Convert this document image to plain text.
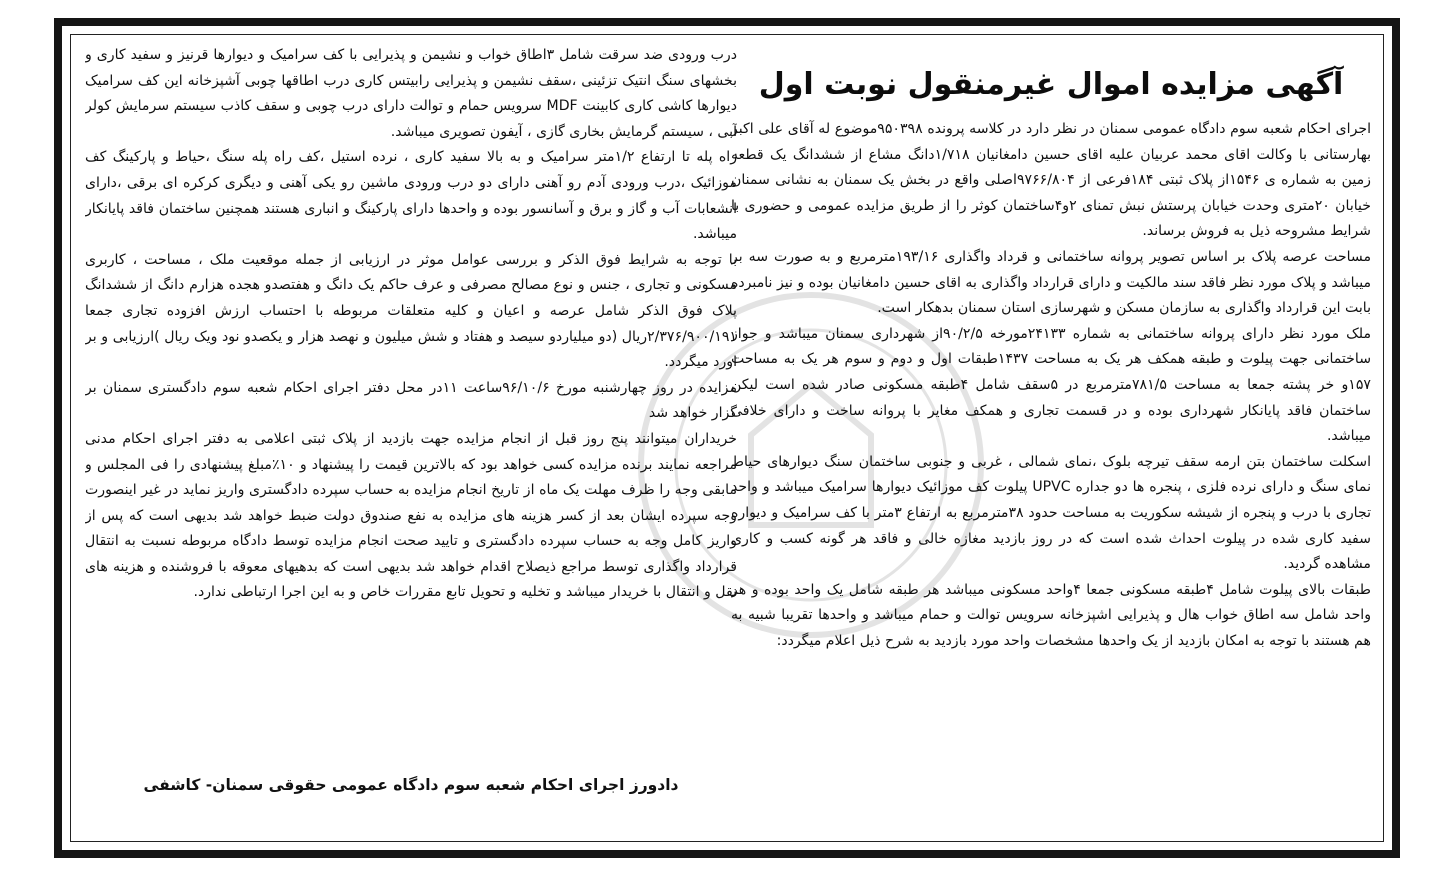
آگهی مزایده اموال غیرمنقول نوبت اول

اجرای احکام شعبه سوم دادگاه عمومی سمنان در نظر دارد در کلاسه پرونده ۹۵۰۳۹۸موضوع له آقای علی اکبر بهارستانی با وکالت اقای محمد عربیان علیه اقای حسین دامغانیان ۱/۷۱۸دانگ مشاع از ششدانگ یک قطعه زمین به شماره ی ۱۵۴۶از پلاک ثبتی ۱۸۴فرعی از ۹۷۶۶/۸۰۴اصلی واقع در بخش یک سمنان به نشانی سمنان خیابان ۲۰متری وحدت خیابان پرستش نبش تمنای ۲و۴ساختمان کوثر را از طریق مزایده عمومی و حضوری با شرایط مشروحه ذیل به فروش برساند.

مساحت عرصه پلاک بر اساس تصویر پروانه ساختمانی و قرداد واگذاری ۱۹۳/۱۶مترمربع و به صورت سه بر میباشد و پلاک مورد نظر فاقد سند مالکیت و دارای قرارداد واگذاری به اقای حسین دامغانیان بوده و نیز نامبرده بابت این قرارداد واگذاری به سازمان مسکن و شهرسازی استان سمنان بدهکار است.

ملک مورد نظر دارای پروانه ساختمانی به شماره ۲۴۱۳۳مورخه ۹۰/۲/۵از شهرداری سمنان میباشد و جواز ساختمانی جهت پیلوت و طبقه همکف هر یک به مساحت ۱۴۳۷طبقات اول و دوم و سوم هر یک به مساحت ۱۵۷و خر پشته جمعا به مساحت ۷۸۱/۵مترمربع در ۵سقف شامل ۴طبقه مسکونی صادر شده است لیکن ساختمان فاقد پایانکار شهرداری بوده و در قسمت تجاری و همکف مغایر با پروانه ساخت و دارای خلافی میباشد.

اسکلت ساختمان بتن ارمه سقف تیرچه بلوک ،نمای شمالی ، غربی و جنوبی ساختمان سنگ دیوارهای حیاط نمای سنگ و دارای نرده فلزی ، پنجره ها دو جداره UPVC پیلوت کف موزائیک دیوارها سرامیک میباشد و واحد تجاری با درب و پنجره از شیشه سکوریت به مساحت حدود ۳۸مترمربع به ارتفاع ۳متر با کف سرامیک و دیواره سفید کاری شده در پیلوت احداث شده است که در روز بازدید مغازه خالی و فاقد هر گونه کسب و کاری مشاهده گردید.

طبقات بالای پیلوت شامل ۴طبقه مسکونی جمعا ۴واحد مسکونی میباشد هر طبقه شامل یک واحد بوده و هر واحد شامل سه اطاق خواب هال و پذیرایی اشپزخانه سرویس توالت و حمام میباشد و واحدها تقریبا شبیه به هم هستند با توجه به امکان بازدید از یک واحدها مشخصات واحد مورد بازدید به شرح ذیل اعلام میگردد:

درب ورودی ضد سرقت شامل ۳اطاق خواب و نشیمن و پذیرایی با کف سرامیک و دیوارها قرنیز و سفید کاری و بخشهای سنگ انتیک تزئینی ،سقف نشیمن و پذیرایی رابیتس کاری درب اطاقها چوبی آشپزخانه این کف سرامیک دیوارها کاشی کاری کابینت MDF سرویس حمام و توالت دارای درب چوبی و سقف کاذب سیستم سرمایش کولر آبی ، سیستم گرمایش بخاری گازی ، آیفون تصویری میباشد.

راه پله تا ارتفاع ۱/۲متر سرامیک و به بالا سفید کاری ، نرده استیل ،کف راه پله سنگ ،حیاط و پارکینگ کف موزائیک ،درب ورودی آدم رو آهنی دارای دو درب ورودی ماشین رو یکی آهنی و دیگری کرکره ای برقی ،دارای انشعابات آب و گاز و برق و آسانسور بوده و واحدها دارای پارکینگ و انباری هستند همچنین ساختمان فاقد پایانکار میباشد.

با توجه به شرایط فوق الذکر و بررسی عوامل موثر در ارزیابی از جمله موقعیت ملک ، مساحت ، کاربری مسکونی و تجاری ، جنس و نوع مصالح مصرفی و عرف حاکم یک دانگ و هفتصدو هجده هزارم دانگ از ششدانگ پلاک فوق الذکر شامل عرصه و اعیان و کلیه متعلقات مربوطه با احتساب ارزش افزوده تجاری جمعا ۲/۳۷۶/۹۰۰/۱۹۱ریال (دو میلیاردو سیصد و هفتاد و شش میلیون و نهصد هزار و یکصدو نود ویک ریال )ارزیابی و بر اورد میگردد.

مزایده در روز چهارشنبه مورخ ۹۶/۱۰/۶ساعت ۱۱در محل دفتر اجرای احکام شعبه سوم دادگستری سمنان بر گزار خواهد شد

خریداران میتوانند پنج روز قبل از انجام مزایده جهت بازدید از پلاک ثبتی اعلامی به دفتر اجرای احکام مدنی مراجعه نمایند برنده مزایده کسی خواهد بود که بالاترین قیمت را پیشنهاد و ۱۰٪مبلغ پیشنهادی را فی المجلس و مابقی وجه را ظرف مهلت یک ماه از تاریخ انجام مزایده به حساب سپرده دادگستری واریز نماید در غیر اینصورت وجه سپرده ایشان بعد از کسر هزینه های مزایده به نفع صندوق دولت ضبط خواهد شد بدیهی است که پس از واریز کامل وجه به حساب سپرده دادگستری و تایید صحت انجام مزایده توسط دادگاه مربوطه نسبت به انتقال قرارداد واگذاری توسط مراجع ذیصلاح اقدام خواهد شد بدیهی است که بدهیهای معوقه با فروشنده و هزینه های نقل و انتقال با خریدار میباشد و تخلیه و تحویل تابع مقررات خاص و به این اجرا ارتباطی ندارد.

دادورز اجرای احکام شعبه سوم دادگاه عمومی حقوقی سمنان- کاشفی
